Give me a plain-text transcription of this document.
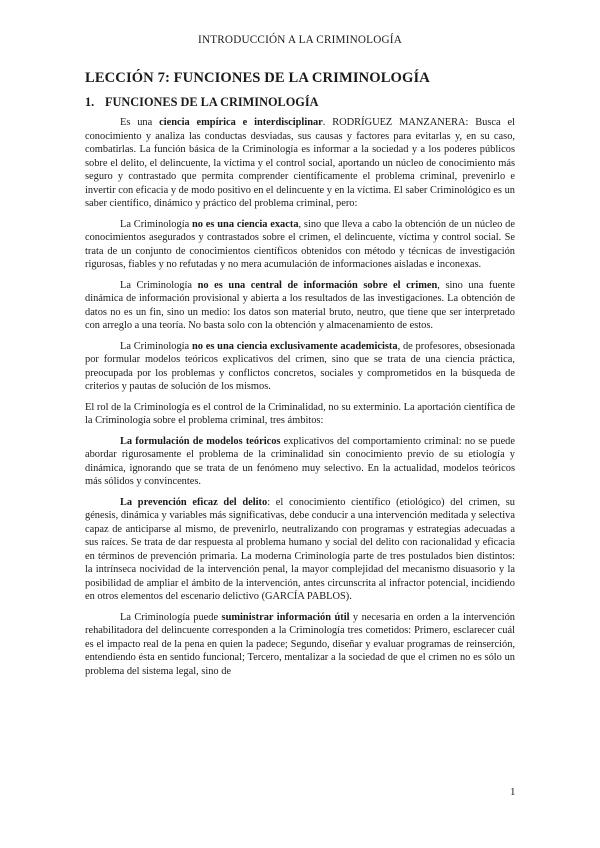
INTRODUCCIÓN A LA CRIMINOLOGÍA
LECCIÓN 7: FUNCIONES DE LA CRIMINOLOGÍA
1. FUNCIONES DE LA CRIMINOLOGÍA

Es una ciencia empírica e interdisciplinar. RODRÍGUEZ MANZANERA: Busca el conocimiento y analiza las conductas desviadas, sus causas y factores para evitarlas y, en su caso, combatirlas. La función básica de la Criminología es informar a la sociedad y a los poderes públicos sobre el delito, el delincuente, la víctima y el control social, aportando un núcleo de conocimiento más seguro y contrastado que permita comprender científicamente el problema criminal, prevenirlo e invertir con eficacia y de modo positivo en el delincuente y en la víctima. El saber Criminológico es un saber científico, dinámico y práctico del problema criminal, pero:

La Criminología no es una ciencia exacta, sino que lleva a cabo la obtención de un núcleo de conocimientos asegurados y contrastados sobre el crimen, el delincuente, víctima y control social. Se trata de un conjunto de conocimientos científicos obtenidos con método y técnicas de investigación rigurosas, fiables y no refutadas y no mera acumulación de informaciones aisladas e inconexas.

La Criminología no es una central de información sobre el crimen, sino una fuente dinámica de información provisional y abierta a los resultados de las investigaciones. La obtención de datos no es un fin, sino un medio: los datos son material bruto, neutro, que tiene que ser interpretado con arreglo a una teoría. No basta solo con la obtención y almacenamiento de estos.

La Criminología no es una ciencia exclusivamente academicista, de profesores, obsesionada por formular modelos teóricos explicativos del crimen, sino que se trata de una ciencia práctica, preocupada por los problemas y conflictos concretos, sociales y comprometidos en la búsqueda de criterios y pautas de solución de los mismos.

El rol de la Criminología es el control de la Criminalidad, no su exterminio. La aportación científica de la Criminología sobre el problema criminal, tres ámbitos:

La formulación de modelos teóricos explicativos del comportamiento criminal: no se puede abordar rigurosamente el problema de la criminalidad sin conocimiento previo de su etiología y dinámica, ignorando que se trata de un fenómeno muy selectivo. En la actualidad, modelos teóricos más sólidos y convincentes.

La prevención eficaz del delito: el conocimiento científico (etiológico) del crimen, su génesis, dinámica y variables más significativas, debe conducir a una intervención meditada y selectiva capaz de anticiparse al mismo, de prevenirlo, neutralizando con programas y estrategias adecuadas a sus raíces. Se trata de dar respuesta al problema humano y social del delito con racionalidad y eficacia en términos de prevención primaria. La moderna Criminología parte de tres postulados bien distintos: la intrínseca nocividad de la intervención penal, la mayor complejidad del mecanismo disuasorio y la posibilidad de ampliar el ámbito de la intervención, antes circunscrita al infractor potencial, incidiendo en otros elementos del escenario delictivo (GARCÍA PABLOS).

La Criminología puede suministrar información útil y necesaria en orden a la intervención rehabilitadora del delincuente corresponden a la Criminología tres cometidos: Primero, esclarecer cuál es el impacto real de la pena en quien la padece; Segundo, diseñar y evaluar programas de reinserción, entendiendo ésta en sentido funcional; Tercero, mentalizar a la sociedad de que el crimen no es sólo un problema del sistema legal, sino de

1
